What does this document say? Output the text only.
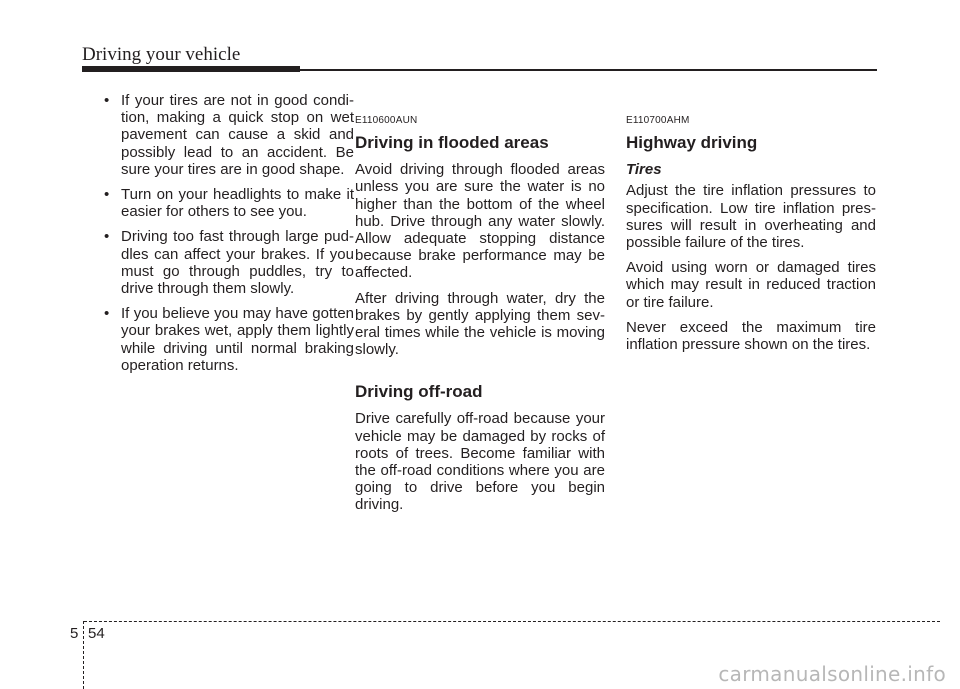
Driving your vehicle
• If your tires are not in good condition, making a quick stop on wet pavement can cause a skid and possibly lead to an accident. Be sure your tires are in good shape.
• Turn on your headlights to make it easier for others to see you.
• Driving too fast through large puddles can affect your brakes. If you must go through puddles, try to drive through them slowly.
• If you believe you may have gotten your brakes wet, apply them lightly while driving until normal braking operation returns.
E110600AUN
Driving in flooded areas

Avoid driving through flooded areas unless you are sure the water is no higher than the bottom of the wheel hub. Drive through any water slowly. Allow adequate stopping distance because brake performance may be affected.

After driving through water, dry the brakes by gently applying them several times while the vehicle is moving slowly.

Driving off-road

Drive carefully off-road because your vehicle may be damaged by rocks of roots of trees. Become familiar with the off-road conditions where you are going to drive before you begin driving.

E110700AHM
Highway driving
Tires

Adjust the tire inflation pressures to specification. Low tire inflation pressures will result in overheating and possible failure of the tires.

Avoid using worn or damaged tires which may result in reduced traction or tire failure.

Never exceed the maximum tire inflation pressure shown on the tires.

5 54
carmanualsonline.info
